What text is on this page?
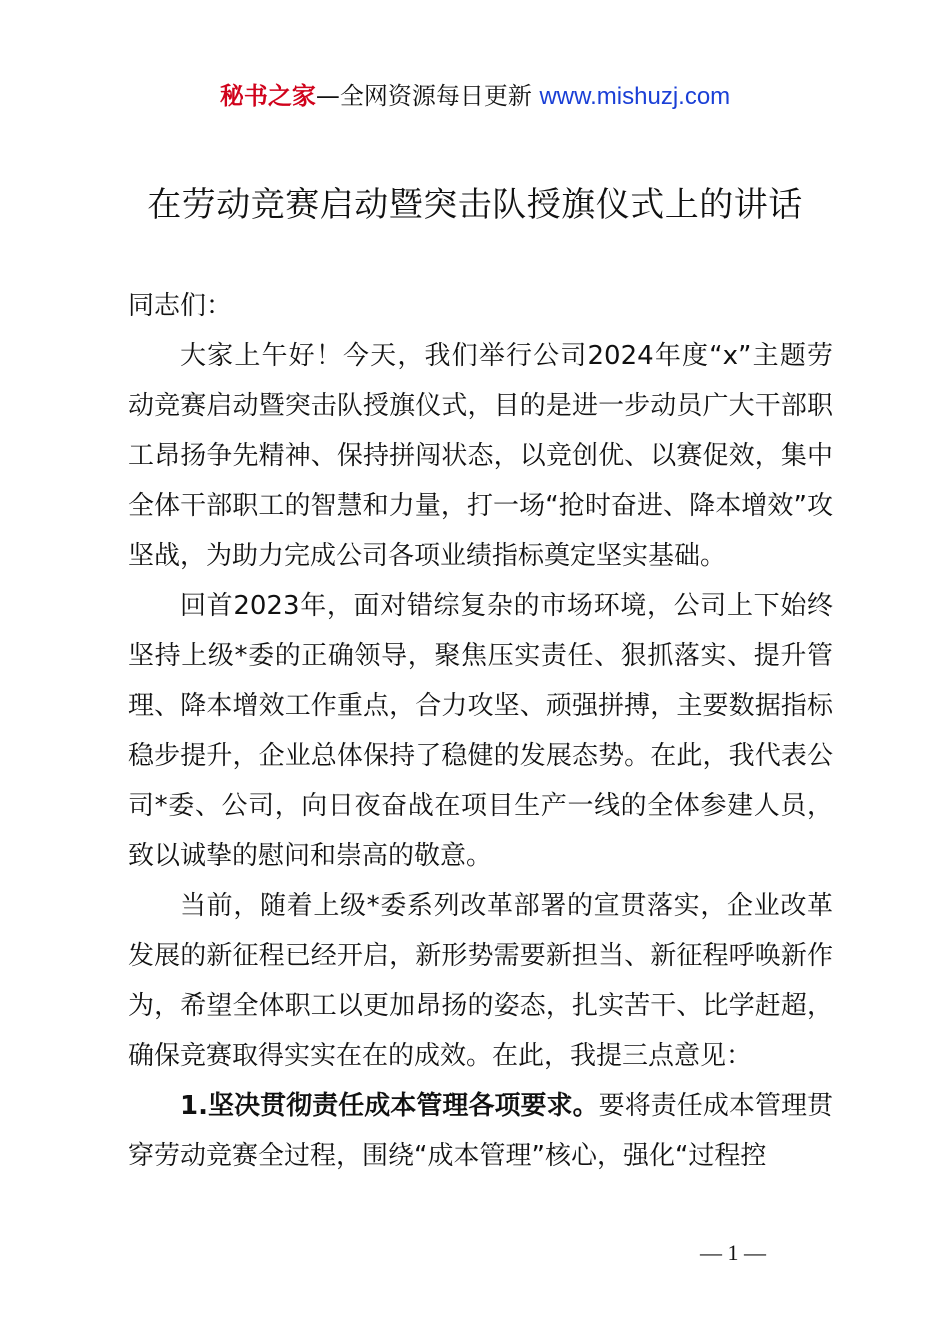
秘书之家—全网资源每日更新 www.mishuzj.com
在劳动竞赛启动暨突击队授旗仪式上的讲话

同志们：

大家上午好！今天，我们举行公司2024年度“x”主题劳动竞赛启动暨突击队授旗仪式，目的是进一步动员广大干部职工昂扬争先精神、保持拼闯状态，以竞创优、以赛促效，集中全体干部职工的智慧和力量，打一场“抢时奋进、降本增效”攻坚战，为助力完成公司各项业绩指标奠定坚实基础。

回首2023年，面对错综复杂的市场环境，公司上下始终坚持上级*委的正确领导，聚焦压实责任、狠抓落实、提升管理、降本增效工作重点，合力攻坚、顽强拼搏，主要数据指标稳步提升，企业总体保持了稳健的发展态势。在此，我代表公司*委、公司，向日夜奋战在项目生产一线的全体参建人员，致以诚挚的慰问和崇高的敬意。

当前，随着上级*委系列改革部署的宣贯落实，企业改革发展的新征程已经开启，新形势需要新担当、新征程呼唤新作为，希望全体职工以更加昂扬的姿态，扎实苦干、比学赶超，确保竞赛取得实实在在的成效。在此，我提三点意见：

1.坚决贯彻责任成本管理各项要求。要将责任成本管理贯穿劳动竞赛全过程，围绕“成本管理”核心，强化“过程控

— 1 —
